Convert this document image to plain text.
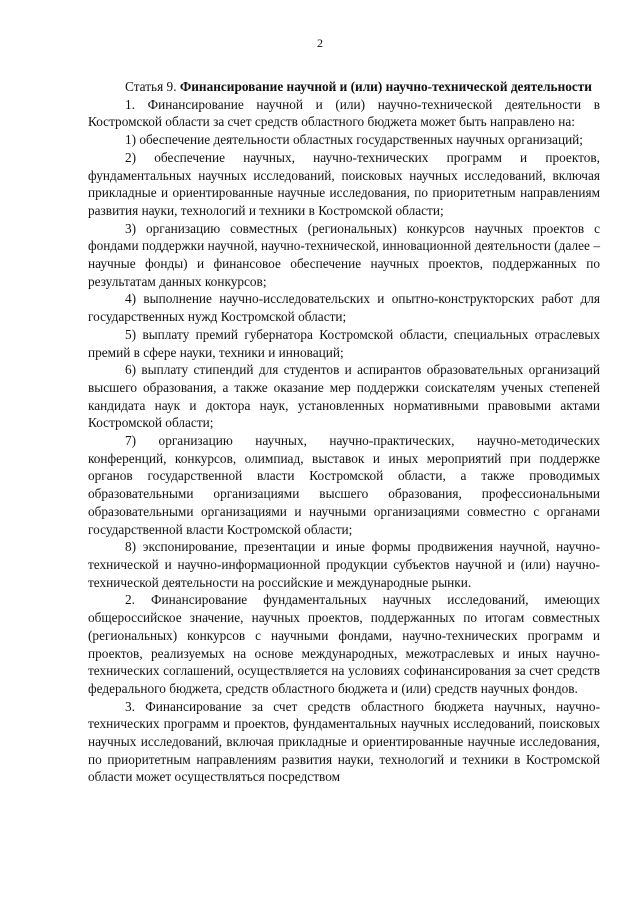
2

Статья 9. Финансирование научной и (или) научно-технической деятельности

1. Финансирование научной и (или) научно-технической деятельности в Костромской области за счет средств областного бюджета может быть направлено на:

1) обеспечение деятельности областных государственных научных организаций;

2) обеспечение научных, научно-технических программ и проектов, фундаментальных научных исследований, поисковых научных исследований, включая прикладные и ориентированные научные исследования, по приоритетным направлениям развития науки, технологий и техники в Костромской области;

3) организацию совместных (региональных) конкурсов научных проектов с фондами поддержки научной, научно-технической, инновационной деятельности (далее – научные фонды) и финансовое обеспечение научных проектов, поддержанных по результатам данных конкурсов;

4) выполнение научно-исследовательских и опытно-конструкторских работ для государственных нужд Костромской области;

5) выплату премий губернатора Костромской области, специальных отраслевых премий в сфере науки, техники и инноваций;

6) выплату стипендий для студентов и аспирантов образовательных организаций высшего образования, а также оказание мер поддержки соискателям ученых степеней кандидата наук и доктора наук, установленных нормативными правовыми актами Костромской области;

7) организацию научных, научно-практических, научно-методических конференций, конкурсов, олимпиад, выставок и иных мероприятий при поддержке органов государственной власти Костромской области, а также проводимых образовательными организациями высшего образования, профессиональными образовательными организациями и научными организациями совместно с органами государственной власти Костромской области;

8) экспонирование, презентации и иные формы продвижения научной, научно-технической и научно-информационной продукции субъектов научной и (или) научно-технической деятельности на российские и международные рынки.

2. Финансирование фундаментальных научных исследований, имеющих общероссийское значение, научных проектов, поддержанных по итогам совместных (региональных) конкурсов с научными фондами, научно-технических программ и проектов, реализуемых на основе международных, межотраслевых и иных научно-технических соглашений, осуществляется на условиях софинансирования за счет средств федерального бюджета, средств областного бюджета и (или) средств научных фондов.

3. Финансирование за счет средств областного бюджета научных, научно-технических программ и проектов, фундаментальных научных исследований, поисковых научных исследований, включая прикладные и ориентированные научные исследования, по приоритетным направлениям развития науки, технологий и техники в Костромской области может осуществляться посредством
